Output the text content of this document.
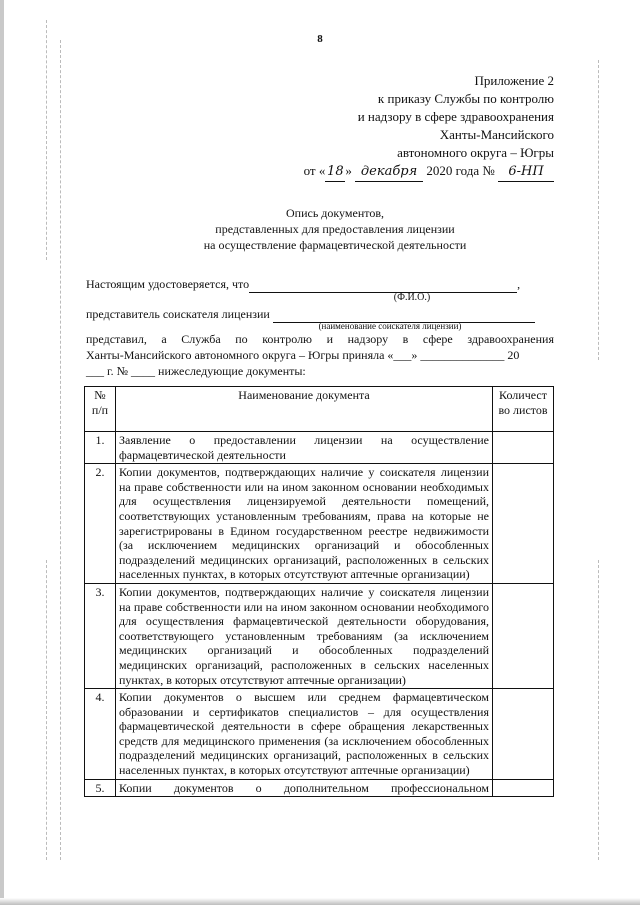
8
Приложение 2
к приказу Службы по контролю
и надзору в сфере здравоохранения
Ханты-Мансийского
автономного округа – Югры
от « 18 » декабря 2020 года № 6-НП
Опись документов,
представленных для предоставления лицензии
на осуществление фармацевтической деятельности
Настоящим удостоверяется, что	,
(Ф.И.О.)
представитель соискателя лицензии
(наименование соискателя лицензии)
представил, а Служба по контролю и надзору в сфере здравоохранения
Ханты-Мансийского автономного округа – Югры приняла «___» ______________ 20
___ г. № ____ нижеследующие документы:
№ п/п	Наименование документа	Количест во листов
1.	Заявление о предоставлении лицензии на осуществление фармацевтической деятельности	
2.	Копии документов, подтверждающих наличие у соискателя лицензии на праве собственности или на ином законном основании необходимых для осуществления лицензируемой деятельности помещений, соответствующих установленным требованиям, права на которые не зарегистрированы в Едином государственном реестре недвижимости (за исключением медицинских организаций и обособленных подразделений медицинских организаций, расположенных в сельских населенных пунктах, в которых отсутствуют аптечные организации)	
3.	Копии документов, подтверждающих наличие у соискателя лицензии на праве собственности или на ином законном основании необходимого для осуществления фармацевтической деятельности оборудования, соответствующего установленным требованиям (за исключением медицинских организаций и обособленных подразделений медицинских организаций, расположенных в сельских населенных пунктах, в которых отсутствуют аптечные организации)	
4.	Копии документов о высшем или среднем фармацевтическом образовании и сертификатов специалистов – для осуществления фармацевтической деятельности в сфере обращения лекарственных средств для медицинского применения (за исключением обособленных подразделений медицинских организаций, расположенных в сельских населенных пунктах, в которых отсутствуют аптечные организации)	
5.	Копии документов о дополнительном профессиональном	
